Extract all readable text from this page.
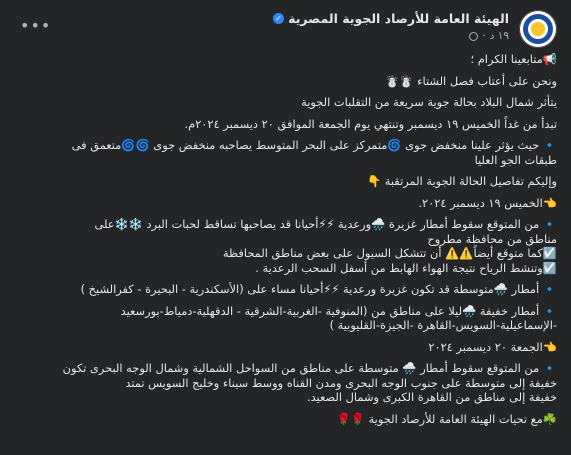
الهيئة العامة للأرصاد الجوية المصرية
✓
١٩ د
·
•••

📢متابعينا الكرام ؛

ونحن على أعتاب فصل الشتاء ☃️☃️

يتأثر شمال البلاد بحالة جوية سريعة من التقلبات الجوية

تبدأ من غداً الخميس ١٩ ديسمبر وتنتهي يوم الجمعة الموافق ٢٠ ديسمبر ٢٠٢٤م.

🔹 حيث يؤثر علينا منخفض جوى 🌀متمركز على البحر المتوسط يصاحبه منخفض جوى 🌀🌀متعمق فى

طبقات الجو العليا

وإليكم تفاصيل الحالة الجوية المرتقبة 👇

👈الخميس ١٩ ديسمبر ٢٠٢٤.

🔹 من المتوقع سقوط أمطار غزيرة 🌧️ورعدية ⚡⚡أحيانا قد يصاحبها تساقط لحبات البرد ❄️❄️على

مناطق من محافظة مطروح

☑️كما متوقع أيضاً⚠️⚠️ أن تتشكل السيول على بعض مناطق المحافظة

☑️وتنشط الرياح نتيجة الهواء الهابط من أسفل السحب الرعدية .

🔹 أمطار 🌧️متوسطة قد تكون غزيرة ورعدية ⚡⚡أحيانا مساء على (الأسكندرية - البحيرة - كفرالشيخ )

🔹 أمطار خفيفة 🌧️ليلا على مناطق من (المنوفية -الغربية-الشرقية - الدقهلية-دمياط-بورسعيد

-الإسماعيلية-السويس-القاهرة -الجيزة-القليوبية )

👈الجمعة ٢٠ ديسمبر ٢٠٢٤

🔹 من المتوقع سقوط أمطار 🌧️ متوسطة على مناطق من السواحل الشمالية وشمال الوجه البحرى تكون

خفيفة إلى متوسطة على جنوب الوجه البحرى ومدن القناه ووسط سيناء وخليج السويس تمتد

خفيفة إلى مناطق من القاهرة الكبرى وشمال الصعيد.

☘️مع تحيات الهيئة العامة للأرصاد الجوية 🌹🌹
